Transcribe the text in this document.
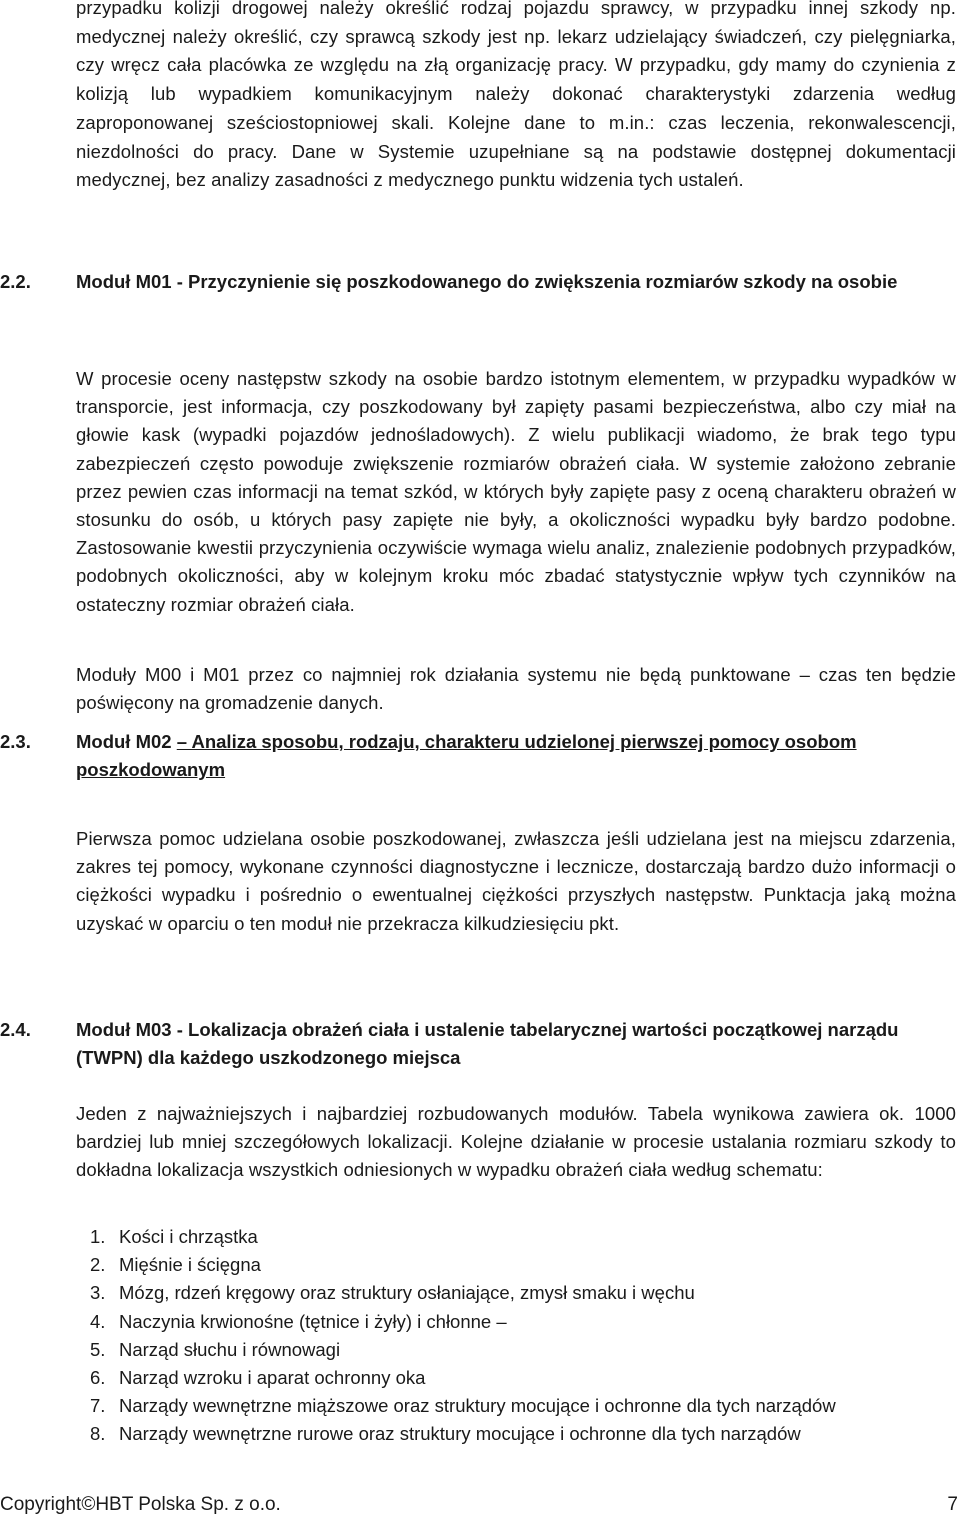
przypadku kolizji drogowej należy określić rodzaj pojazdu sprawcy, w przypadku innej szkody np. medycznej należy określić, czy sprawcą szkody jest np. lekarz udzielający świadczeń, czy pielęgniarka, czy wręcz cała placówka ze względu na złą organizację pracy. W przypadku, gdy mamy do czynienia z kolizją lub wypadkiem komunikacyjnym należy dokonać charakterystyki zdarzenia według zaproponowanej sześciostopniowej skali. Kolejne dane to m.in.: czas leczenia, rekonwalescencji, niezdolności do pracy. Dane w Systemie uzupełniane są na podstawie dostępnej dokumentacji medycznej, bez analizy zasadności z medycznego punktu widzenia tych ustaleń.

2.2. Moduł M01 - Przyczynienie się poszkodowanego do zwiększenia rozmiarów szkody na osobie

W procesie oceny następstw szkody na osobie bardzo istotnym elementem, w przypadku wypadków w transporcie, jest informacja, czy poszkodowany był zapięty pasami bezpieczeństwa, albo czy miał na głowie kask (wypadki pojazdów jednośladowych). Z wielu publikacji wiadomo, że brak tego typu zabezpieczeń często powoduje zwiększenie rozmiarów obrażeń ciała. W systemie założono zebranie przez pewien czas informacji na temat szkód, w których były zapięte pasy z oceną charakteru obrażeń w stosunku do osób, u których pasy zapięte nie były, a okoliczności wypadku były bardzo podobne. Zastosowanie kwestii przyczynienia oczywiście wymaga wielu analiz, znalezienie podobnych przypadków, podobnych okoliczności, aby w kolejnym kroku móc zbadać statystycznie wpływ tych czynników na ostateczny rozmiar obrażeń ciała.

Moduły M00 i M01 przez co najmniej rok działania systemu nie będą punktowane – czas ten będzie poświęcony na gromadzenie danych.

2.3. Moduł M02 – Analiza sposobu, rodzaju, charakteru udzielonej pierwszej pomocy osobom poszkodowanym

Pierwsza pomoc udzielana osobie poszkodowanej, zwłaszcza jeśli udzielana jest na miejscu zdarzenia, zakres tej pomocy, wykonane czynności diagnostyczne i lecznicze, dostarczają bardzo dużo informacji o ciężkości wypadku i pośrednio o ewentualnej ciężkości przyszłych następstw. Punktacja jaką można uzyskać w oparciu o ten moduł nie przekracza kilkudziesięciu pkt.

2.4. Moduł M03 - Lokalizacja obrażeń ciała i ustalenie tabelarycznej wartości początkowej narządu (TWPN) dla każdego uszkodzonego miejsca

Jeden z najważniejszych i najbardziej rozbudowanych modułów. Tabela wynikowa zawiera ok. 1000 bardziej lub mniej szczegółowych lokalizacji. Kolejne działanie w procesie ustalania rozmiaru szkody to dokładna lokalizacja wszystkich odniesionych w wypadku obrażeń ciała według schematu:

1. Kości i chrząstka
2. Mięśnie i ścięgna
3. Mózg, rdzeń kręgowy oraz struktury osłaniające, zmysł smaku i węchu
4. Naczynia krwionośne (tętnice i żyły) i chłonne –
5. Narząd słuchu i równowagi
6. Narząd wzroku i aparat ochronny oka
7. Narządy wewnętrzne miąższowe oraz struktury mocujące i ochronne dla tych narządów
8. Narządy wewnętrzne rurowe oraz struktury mocujące i ochronne dla tych narządów
Copyright©HBT Polska Sp. z o.o.	7
